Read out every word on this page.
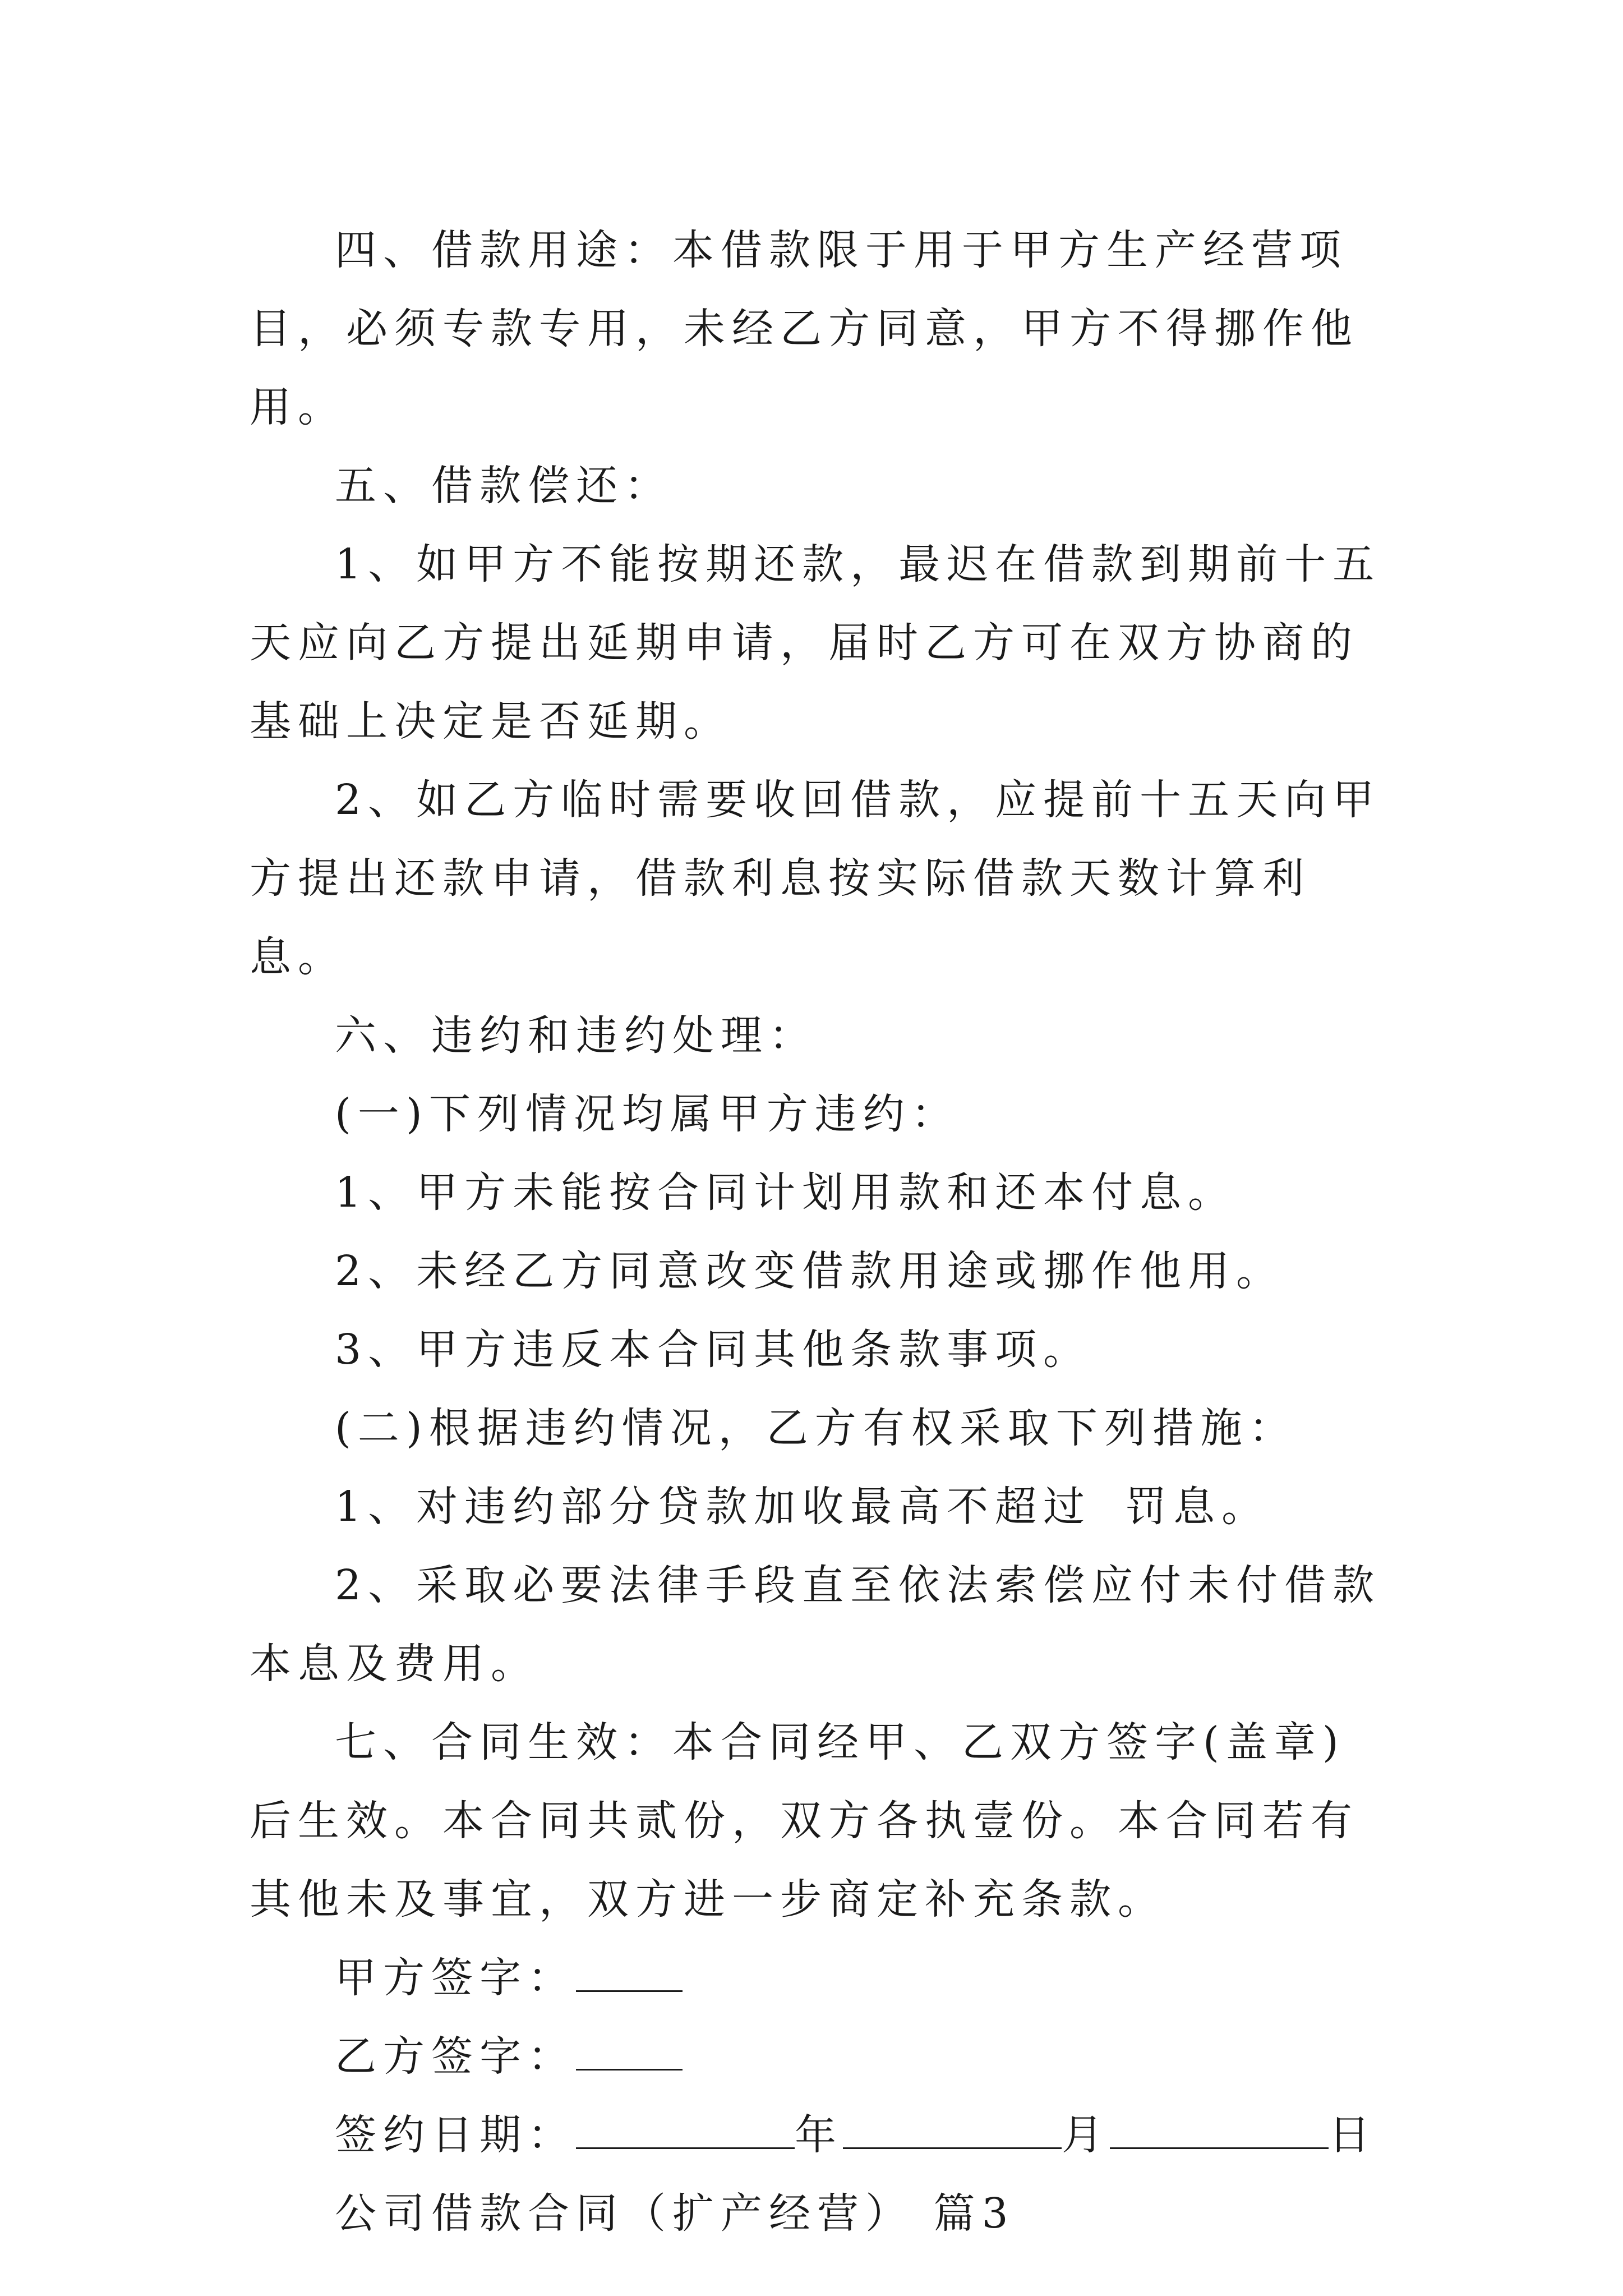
四、借款用途：本借款限于用于甲方生产经营项目，必须专款专用，未经乙方同意，甲方不得挪作他用。

五、借款偿还：

1、如甲方不能按期还款，最迟在借款到期前十五天应向乙方提出延期申请，届时乙方可在双方协商的基础上决定是否延期。

2、如乙方临时需要收回借款，应提前十五天向甲方提出还款申请，借款利息按实际借款天数计算利息。

六、违约和违约处理：

(一)下列情况均属甲方违约：

1、甲方未能按合同计划用款和还本付息。

2、未经乙方同意改变借款用途或挪作他用。

3、甲方违反本合同其他条款事项。

(二)根据违约情况，乙方有权采取下列措施：

1、对违约部分贷款加收最高不超过 罚息。

2、采取必要法律手段直至依法索偿应付未付借款本息及费用。

七、合同生效：本合同经甲、乙双方签字(盖章)后生效。本合同共贰份，双方各执壹份。本合同若有其他未及事宜，双方进一步商定补充条款。

甲方签字：
乙方签字：
签约日期：	年	月	日
公司借款合同（扩产经营） 篇3
